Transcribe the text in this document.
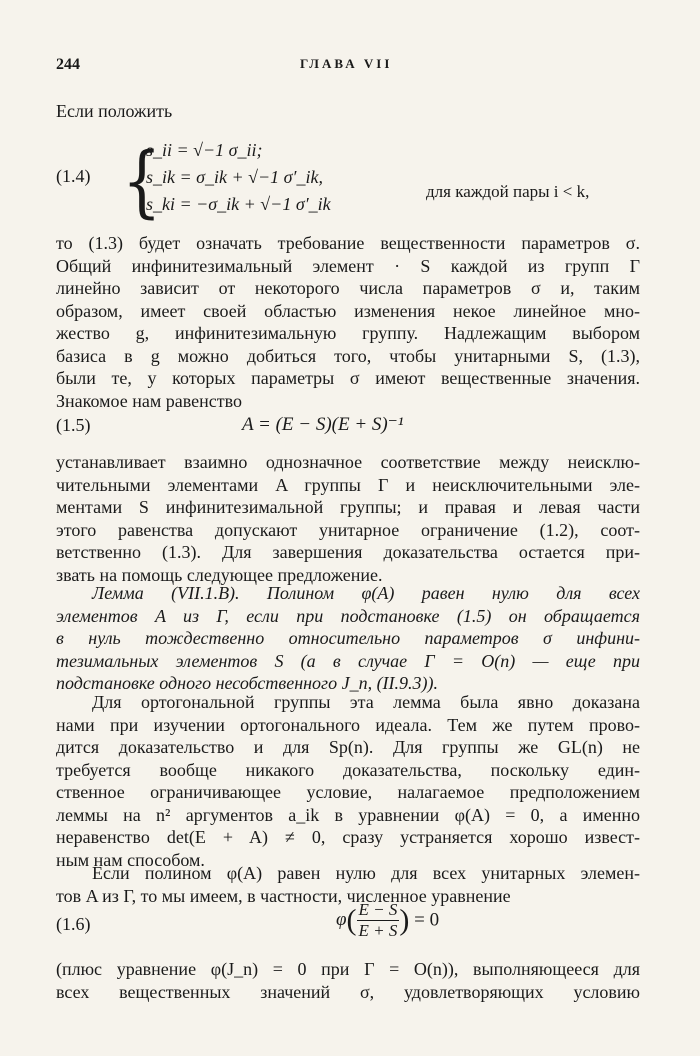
244	ГЛАВА VII
Если положить
(1.4) {
s_ii = √−1 σ_ii;
s_ik = σ_ik + √−1 σ′_ik,
s_ki = −σ_ik + √−1 σ′_ik
для каждой пары i < k,
то (1.3) будет означать требование вещественности параметров σ.
Общий инфинитезимальный элемент · S каждой из групп Γ
линейно зависит от некоторого числа параметров σ и, таким
образом, имеет своей областью изменения некое линейное мно-
жество g, инфинитезимальную группу. Надлежащим выбором
базиса в g можно добиться того, чтобы унитарными S, (1.3),
были те, у которых параметры σ имеют вещественные значения.
Знакомое нам равенство
(1.5)	A = (E − S)(E + S)⁻¹
устанавливает взаимно однозначное соответствие между неисклю-
чительными элементами A группы Γ и неисключительными эле-
ментами S инфинитезимальной группы; и правая и левая части
этого равенства допускают унитарное ограничение (1.2), соот-
ветственно (1.3). Для завершения доказательства остается при-
звать на помощь следующее предложение.
Лемма (VII.1.B). Полином φ(A) равен нулю для всех
элементов A из Γ, если при подстановке (1.5) он обращается
в нуль тождественно относительно параметров σ инфини-
тезимальных элементов S (а в случае Γ = O(n) — еще при
подстановке одного несобственного J_n, (II.9.3)).
Для ортогональной группы эта лемма была явно доказана
нами при изучении ортогонального идеала. Тем же путем прово-
дится доказательство и для Sp(n). Для группы же GL(n) не
требуется вообще никакого доказательства, поскольку един-
ственное ограничивающее условие, налагаемое предположением
леммы на n² аргументов a_ik в уравнении φ(A) = 0, а именно
неравенство det(E + A) ≠ 0, сразу устраняется хорошо извест-
ным нам способом.
Если полином φ(A) равен нулю для всех унитарных элемен-
тов A из Γ, то мы имеем, в частности, численное уравнение
(1.6)	$\varphi( \frac{E - S}{E + S}$ ) = 0
(плюс уравнение φ(J_n) = 0 при Γ = O(n)), выполняющееся для
всех вещественных значений σ, удовлетворяющих условию
